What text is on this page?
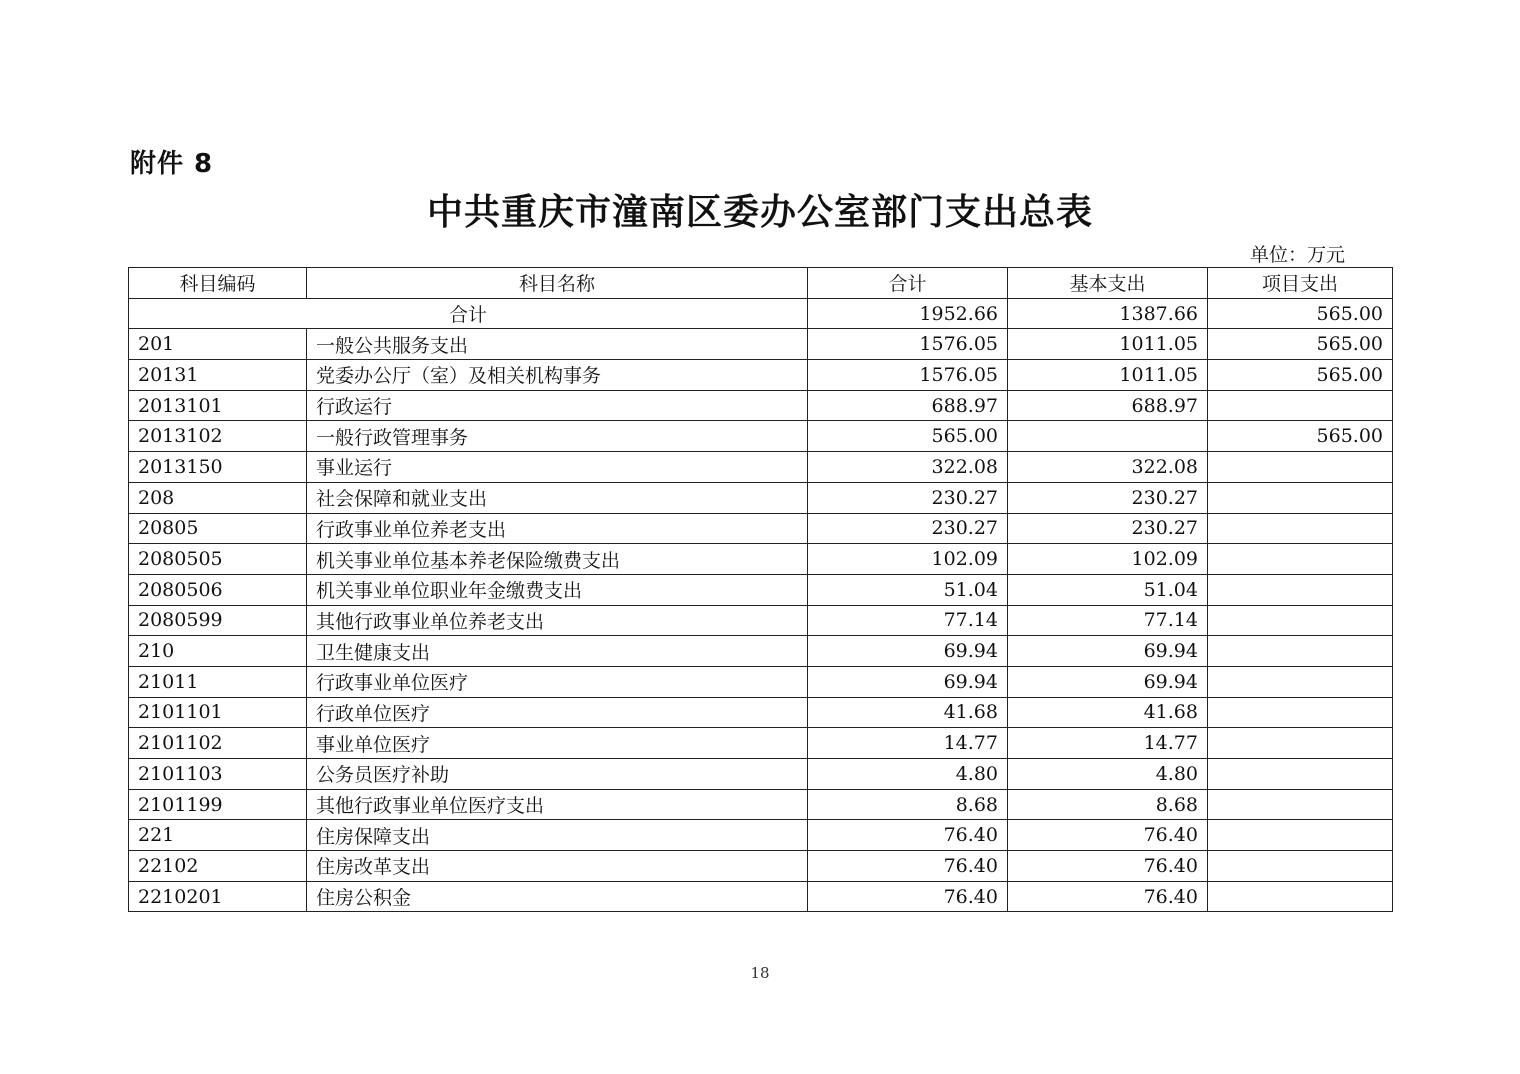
附件 8
中共重庆市潼南区委办公室部门支出总表
单位：万元
科目编码	科目名称	合计	基本支出	项目支出
合计		1952.66	1387.66	565.00
201	一般公共服务支出	1576.05	1011.05	565.00
20131	党委办公厅（室）及相关机构事务	1576.05	1011.05	565.00
2013101	行政运行	688.97	688.97	
2013102	一般行政管理事务	565.00		565.00
2013150	事业运行	322.08	322.08	
208	社会保障和就业支出	230.27	230.27	
20805	行政事业单位养老支出	230.27	230.27	
2080505	机关事业单位基本养老保险缴费支出	102.09	102.09	
2080506	机关事业单位职业年金缴费支出	51.04	51.04	
2080599	其他行政事业单位养老支出	77.14	77.14	
210	卫生健康支出	69.94	69.94	
21011	行政事业单位医疗	69.94	69.94	
2101101	行政单位医疗	41.68	41.68	
2101102	事业单位医疗	14.77	14.77	
2101103	公务员医疗补助	4.80	4.80	
2101199	其他行政事业单位医疗支出	8.68	8.68	
221	住房保障支出	76.40	76.40	
22102	住房改革支出	76.40	76.40	
2210201	住房公积金	76.40	76.40	
18
